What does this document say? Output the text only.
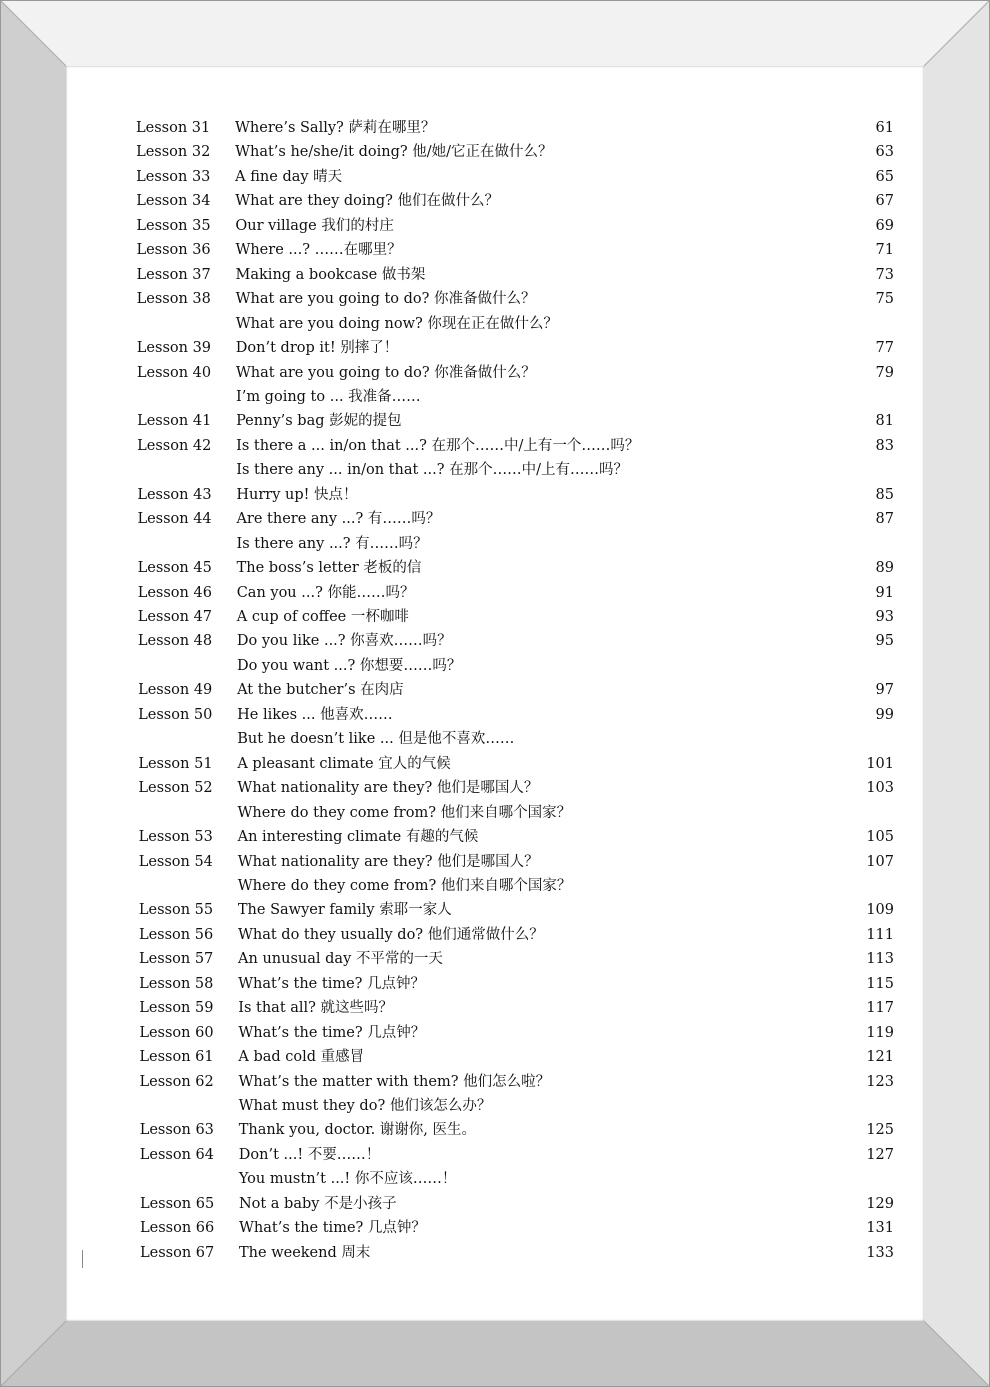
Lesson 31 Where’s Sally? 萨莉在哪里？	61
Lesson 32 What’s he/she/it doing? 他/她/它正在做什么？	63
Lesson 33 A fine day 晴天	65
Lesson 34 What are they doing? 他们在做什么？	67
Lesson 35 Our village 我们的村庄	69
Lesson 36 Where ...? ……在哪里？	71
Lesson 37 Making a bookcase 做书架	73
Lesson 38 What are you going to do? 你准备做什么？	75
What are you doing now? 你现在正在做什么？
Lesson 39 Don’t drop it! 别摔了！	77
Lesson 40 What are you going to do? 你准备做什么？	79
I’m going to ... 我准备……
Lesson 41 Penny’s bag 彭妮的提包	81
Lesson 42 Is there a ... in/on that ...? 在那个……中/上有一个……吗？	83
Is there any ... in/on that ...? 在那个……中/上有……吗？
Lesson 43 Hurry up! 快点！	85
Lesson 44 Are there any ...? 有……吗？	87
Is there any ...? 有……吗？
Lesson 45 The boss’s letter 老板的信	89
Lesson 46 Can you ...? 你能……吗？	91
Lesson 47 A cup of coffee 一杯咖啡	93
Lesson 48 Do you like ...? 你喜欢……吗？	95
Do you want ...? 你想要……吗？
Lesson 49 At the butcher’s 在肉店	97
Lesson 50 He likes ... 他喜欢……	99
But he doesn’t like ... 但是他不喜欢……
Lesson 51 A pleasant climate 宜人的气候	101
Lesson 52 What nationality are they? 他们是哪国人？	103
Where do they come from? 他们来自哪个国家？
Lesson 53 An interesting climate 有趣的气候	105
Lesson 54 What nationality are they? 他们是哪国人？	107
Where do they come from? 他们来自哪个国家？
Lesson 55 The Sawyer family 索耶一家人	109
Lesson 56 What do they usually do? 他们通常做什么？	111
Lesson 57 An unusual day 不平常的一天	113
Lesson 58 What’s the time? 几点钟？	115
Lesson 59 Is that all? 就这些吗？	117
Lesson 60 What’s the time? 几点钟？	119
Lesson 61 A bad cold 重感冒	121
Lesson 62 What’s the matter with them? 他们怎么啦？	123
What must they do? 他们该怎么办？
Lesson 63 Thank you, doctor. 谢谢你, 医生。	125
Lesson 64 Don’t ...! 不要……！	127
You mustn’t ...! 你不应该……！
Lesson 65 Not a baby 不是小孩子	129
Lesson 66 What’s the time? 几点钟？	131
Lesson 67 The weekend 周末	133
